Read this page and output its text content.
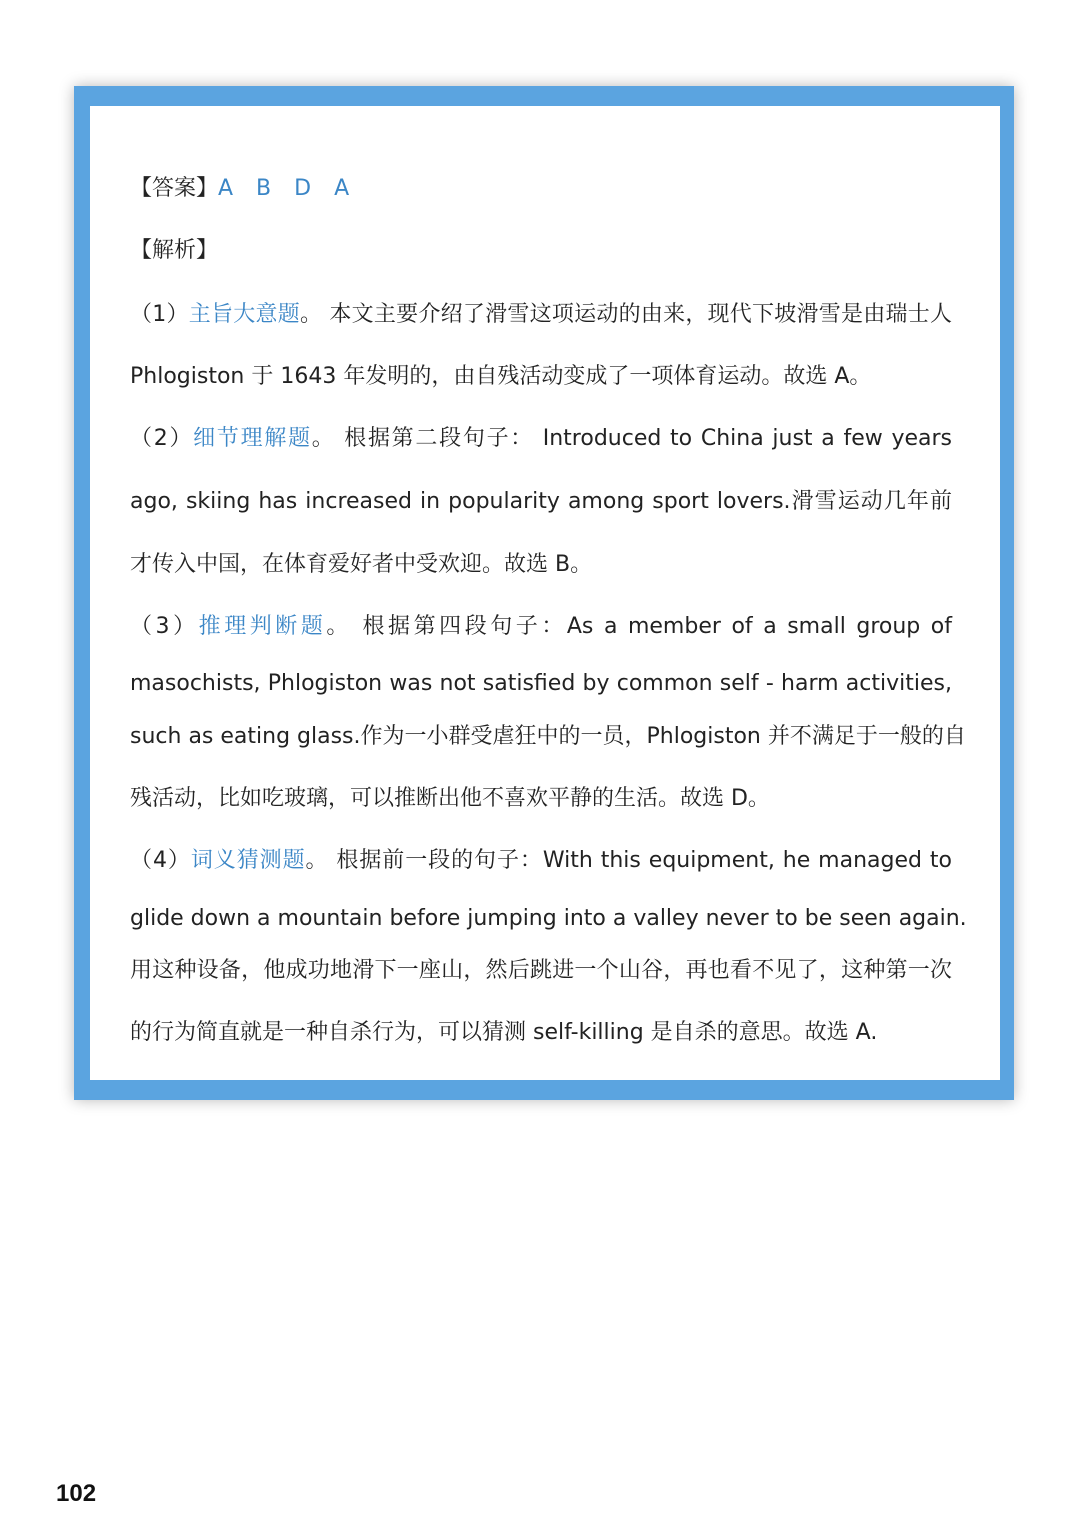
【答案】A B D A
【解析】
（1）主旨大意题。 本文主要介绍了滑雪这项运动的由来，现代下坡滑雪是由瑞士人
Phlogiston 于 1643 年发明的，由自残活动变成了一项体育运动。故选 A。
（2）细节理解题。 根据第二段句子： Introduced to China just a few years
ago, skiing has increased in popularity among sport lovers.滑雪运动几年前
才传入中国，在体育爱好者中受欢迎。故选 B。
（3）推理判断题。 根据第四段句子：As a member of a small group of
masochists, Phlogiston was not satisfied by common self - harm activities,
such as eating glass.作为一小群受虐狂中的一员，Phlogiston 并不满足于一般的自
残活动，比如吃玻璃，可以推断出他不喜欢平静的生活。故选 D。
（4）词义猜测题。 根据前一段的句子：With this equipment, he managed to
glide down a mountain before jumping into a valley never to be seen again.
用这种设备，他成功地滑下一座山，然后跳进一个山谷，再也看不见了，这种第一次
的行为简直就是一种自杀行为，可以猜测 self-killing 是自杀的意思。故选 A.
102
